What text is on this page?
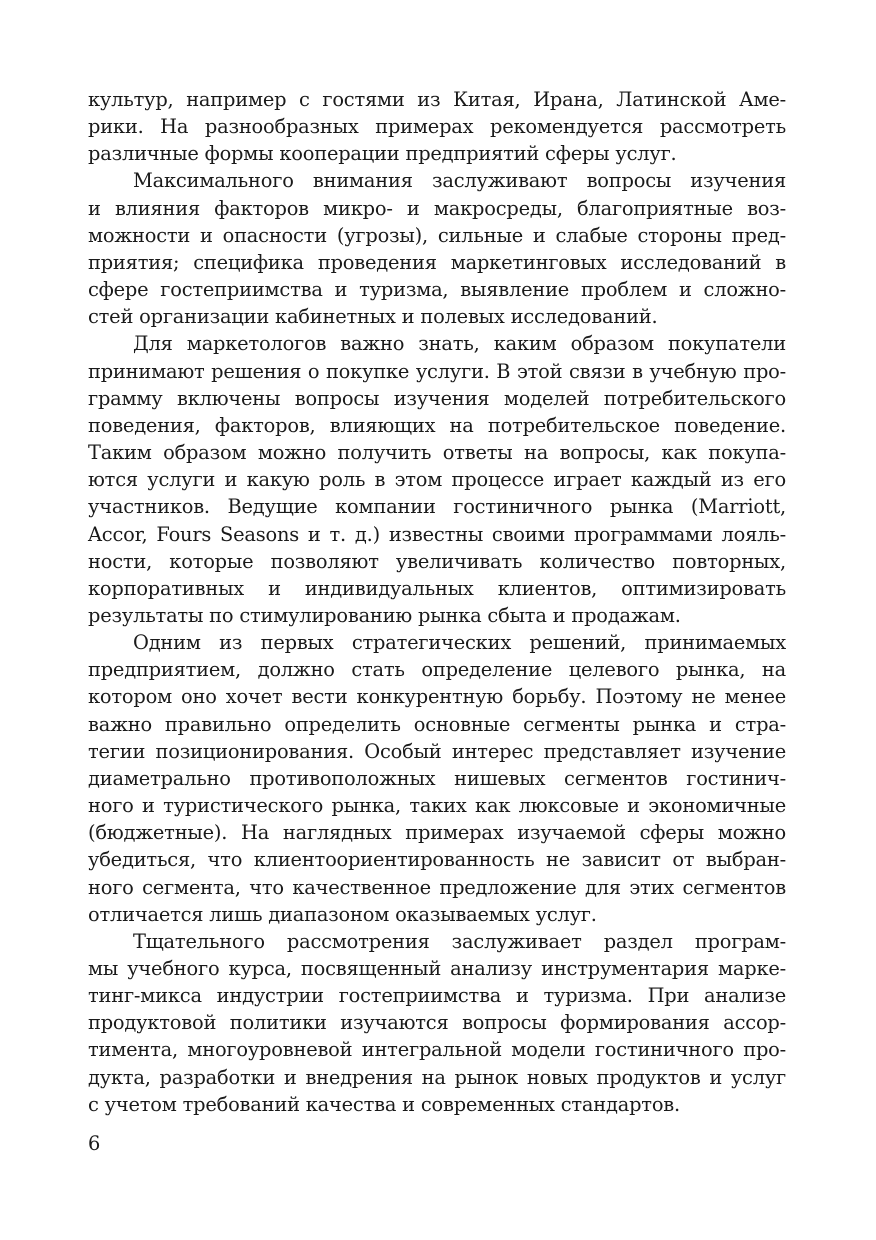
культур, например с гостями из Китая, Ирана, Латинской Аме-
рики. На разнообразных примерах рекомендуется рассмотреть
различные формы кооперации предприятий сферы услуг.
Максимального внимания заслуживают вопросы изучения
и влияния факторов микро- и макросреды, благоприятные воз-
можности и опасности (угрозы), сильные и слабые стороны пред-
приятия; специфика проведения маркетинговых исследований в
сфере гостеприимства и туризма, выявление проблем и сложно-
стей организации кабинетных и полевых исследований.
Для маркетологов важно знать, каким образом покупатели
принимают решения о покупке услуги. В этой связи в учебную про-
грамму включены вопросы изучения моделей потребительского
поведения, факторов, влияющих на потребительское поведение.
Таким образом можно получить ответы на вопросы, как покупа-
ются услуги и какую роль в этом процессе играет каждый из его
участников. Ведущие компании гостиничного рынка (Marriott,
Accor, Fours Seasons и т. д.) известны своими программами лояль-
ности, которые позволяют увеличивать количество повторных,
корпоративных и индивидуальных клиентов, оптимизировать
результаты по стимулированию рынка сбыта и продажам.
Одним из первых стратегических решений, принимаемых
предприятием, должно стать определение целевого рынка, на
котором оно хочет вести конкурентную борьбу. Поэтому не менее
важно правильно определить основные сегменты рынка и стра-
тегии позиционирования. Особый интерес представляет изучение
диаметрально противоположных нишевых сегментов гостинич-
ного и туристического рынка, таких как люксовые и экономичные
(бюджетные). На наглядных примерах изучаемой сферы можно
убедиться, что клиентоориентированность не зависит от выбран-
ного сегмента, что качественное предложение для этих сегментов
отличается лишь диапазоном оказываемых услуг.
Тщательного рассмотрения заслуживает раздел програм-
мы учебного курса, посвященный анализу инструментария марке-
тинг-микса индустрии гостеприимства и туризма. При анализе
продуктовой политики изучаются вопросы формирования ассор-
тимента, многоуровневой интегральной модели гостиничного про-
дукта, разработки и внедрения на рынок новых продуктов и услуг
с учетом требований качества и современных стандартов.
6
